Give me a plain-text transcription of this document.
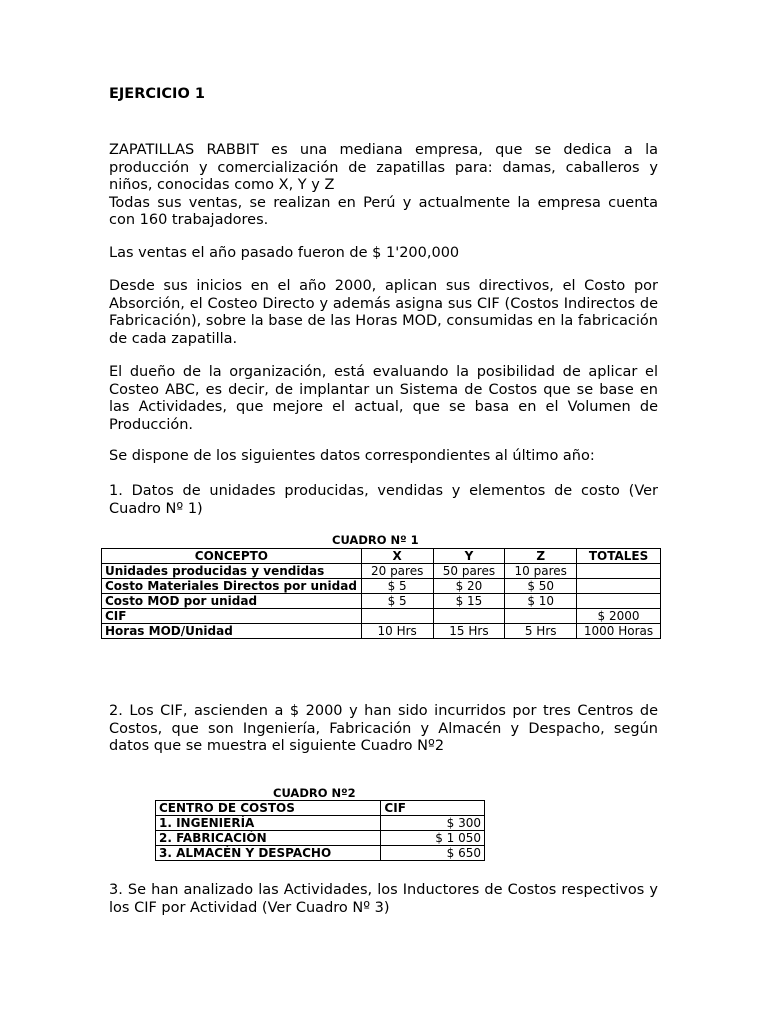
EJERCICIO 1
ZAPATILLAS RABBIT es una mediana empresa, que se dedica a la producción y comercialización de zapatillas para: damas, caballeros y niños, conocidas como X, Y y Z
Todas sus ventas, se realizan en Perú y actualmente la empresa cuenta con 160 trabajadores.
Las ventas el año pasado fueron de $ 1'200,000
Desde sus inicios en el año 2000, aplican sus directivos, el Costo por Absorción, el Costeo Directo y además asigna sus CIF (Costos Indirectos de Fabricación), sobre la base de las Horas MOD, consumidas en la fabricación de cada zapatilla.
El dueño de la organización, está evaluando la posibilidad de aplicar el Costeo ABC, es decir, de implantar un Sistema de Costos que se base en las Actividades, que mejore el actual, que se basa en el Volumen de Producción.
Se dispone de los siguientes datos correspondientes al último año:
1. Datos de unidades producidas, vendidas y elementos de costo (Ver Cuadro Nº 1)
CUADRO Nº 1
CONCEPTO	X	Y	Z	TOTALES
Unidades producidas y vendidas	20 pares	50 pares	10 pares	
Costo Materiales Directos por unidad	$ 5	$ 20	$ 50	
Costo MOD por unidad	$ 5	$ 15	$ 10	
CIF				$ 2000
Horas MOD/Unidad	10 Hrs	15 Hrs	5 Hrs	1000 Horas
2. Los CIF, ascienden a $ 2000 y han sido incurridos por tres Centros de Costos, que son Ingeniería, Fabricación y Almacén y Despacho, según datos que se muestra el siguiente Cuadro Nº2
CUADRO Nº2
CENTRO DE COSTOS	CIF
1. INGENIERÍA	$ 300
2. FABRICACIÓN	$ 1 050
3. ALMACÉN Y DESPACHO	$ 650
3. Se han analizado las Actividades, los Inductores de Costos respectivos y los CIF por Actividad (Ver Cuadro Nº 3)
